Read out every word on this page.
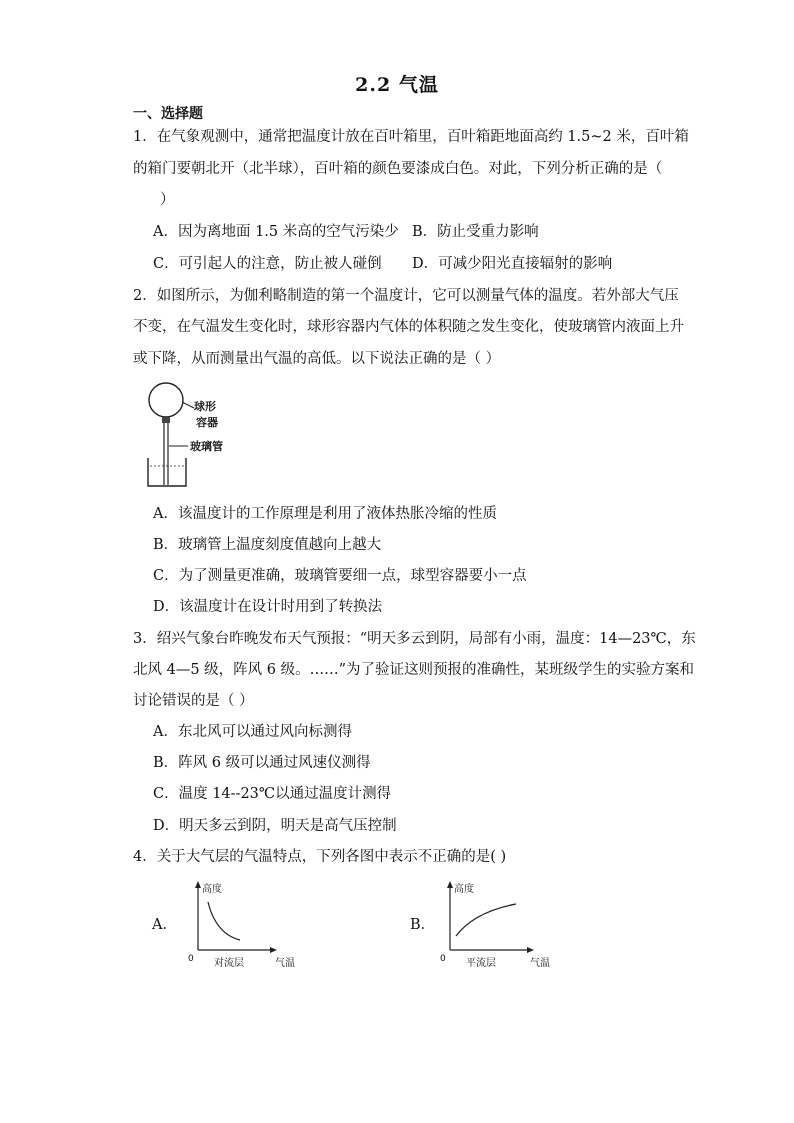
2.2 气温
一、选择题
1．在气象观测中，通常把温度计放在百叶箱里，百叶箱距地面高约 1.5~2 米，百叶箱
的箱门要朝北开（北半球），百叶箱的颜色要漆成白色。对此，下列分析正确的是（
）
A．因为离地面 1.5 米高的空气污染少 B．防止受重力影响
C．可引起人的注意，防止被人碰倒 D．可减少阳光直接辐射的影响
2．如图所示，为伽利略制造的第一个温度计，它可以测量气体的温度。若外部大气压
不变，在气温发生变化时，球形容器内气体的体积随之发生变化，使玻璃管内液面上升
或下降，从而测量出气温的高低。以下说法正确的是（ ）
球形
容器
玻璃管
A．该温度计的工作原理是利用了液体热胀冷缩的性质
B．玻璃管上温度刻度值越向上越大
C．为了测量更准确，玻璃管要细一点，球型容器要小一点
D．该温度计在设计时用到了转换法
3．绍兴气象台昨晚发布天气预报：“明天多云到阴，局部有小雨，温度：14—23℃，东
北风 4—5 级，阵风 6 级。……”为了验证这则预报的准确性，某班级学生的实验方案和
讨论错误的是（ ）
A．东北风可以通过风向标测得
B．阵风 6 级可以通过风速仪测得
C．温度 14--23℃以通过温度计测得
D．明天多云到阴，明天是高气压控制
4．关于大气层的气温特点，下列各图中表示不正确的是( )
A．
高度
0 对流层	气温
B．
高度
0 平流层	气温
